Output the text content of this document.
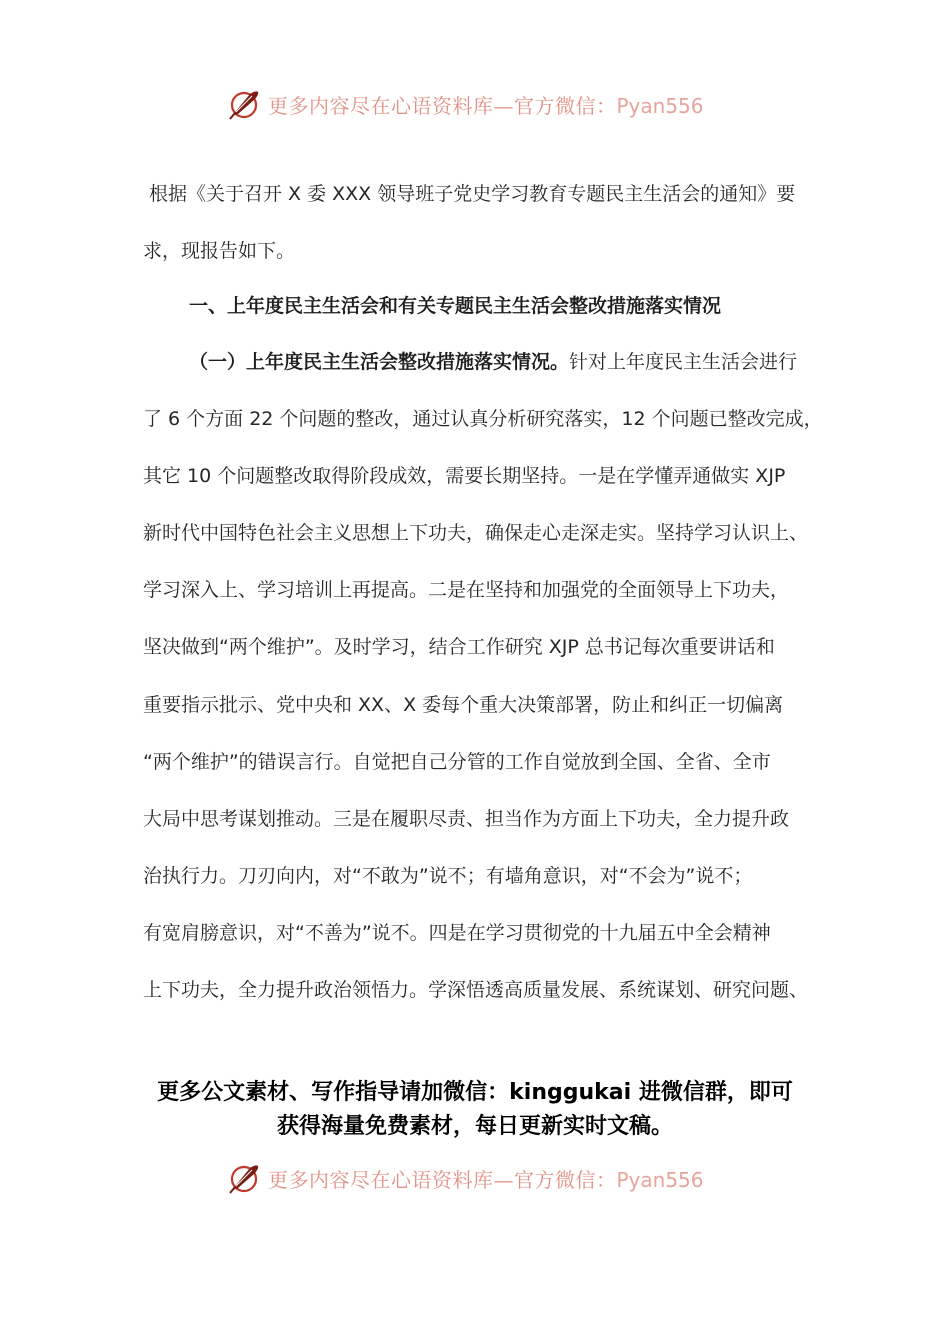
更多内容尽在心语资料库—官方微信：Pyan556
根据《关于召开 X 委 XXX 领导班子党史学习教育专题民主生活会的通知》要
求，现报告如下。
一、上年度民主生活会和有关专题民主生活会整改措施落实情况
（一）上年度民主生活会整改措施落实情况。针对上年度民主生活会进行
了 6 个方面 22 个问题的整改，通过认真分析研究落实，12 个问题已整改完成，
其它 10 个问题整改取得阶段成效，需要长期坚持。一是在学懂弄通做实 XJP
新时代中国特色社会主义思想上下功夫，确保走心走深走实。坚持学习认识上、
学习深入上、学习培训上再提高。二是在坚持和加强党的全面领导上下功夫，
坚决做到“两个维护”。及时学习，结合工作研究 XJP 总书记每次重要讲话和
重要指示批示、党中央和 XX、X 委每个重大决策部署，防止和纠正一切偏离
“两个维护”的错误言行。自觉把自己分管的工作自觉放到全国、全省、全市
大局中思考谋划推动。三是在履职尽责、担当作为方面上下功夫，全力提升政
治执行力。刀刃向内，对“不敢为”说不；有墙角意识，对“不会为”说不；
有宽肩膀意识，对“不善为”说不。四是在学习贯彻党的十九届五中全会精神
上下功夫，全力提升政治领悟力。学深悟透高质量发展、系统谋划、研究问题、
更多公文素材、写作指导请加微信：kinggukai 进微信群，即可
获得海量免费素材，每日更新实时文稿。
更多内容尽在心语资料库—官方微信：Pyan556
